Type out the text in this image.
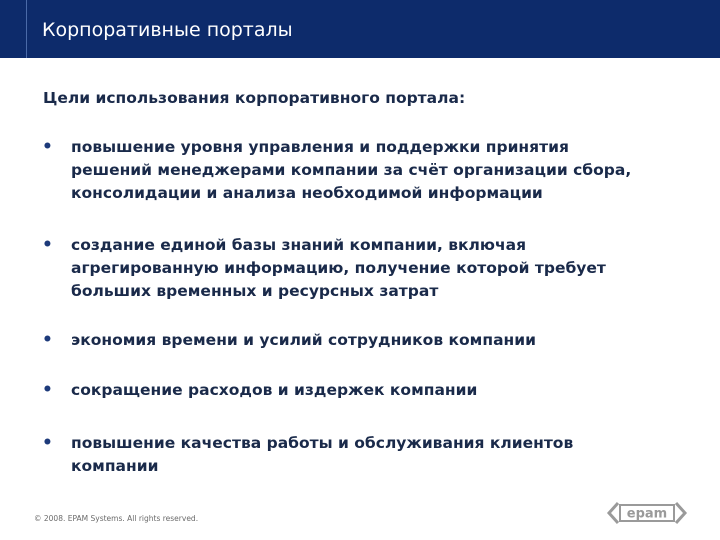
Корпоративные порталы
Цели использования корпоративного портала:
• повышение уровня управления и поддержки принятия
решений менеджерами компании за счёт организации сбора,
консолидации и анализа необходимой информации
• создание единой базы знаний компании, включая
агрегированную информацию, получение которой требует
больших временных и ресурсных затрат
• экономия времени и усилий сотрудников компании
• сокращение расходов и издержек компании
• повышение качества работы и обслуживания клиентов
компании
© 2008. EPAM Systems. All rights reserved.	epam
